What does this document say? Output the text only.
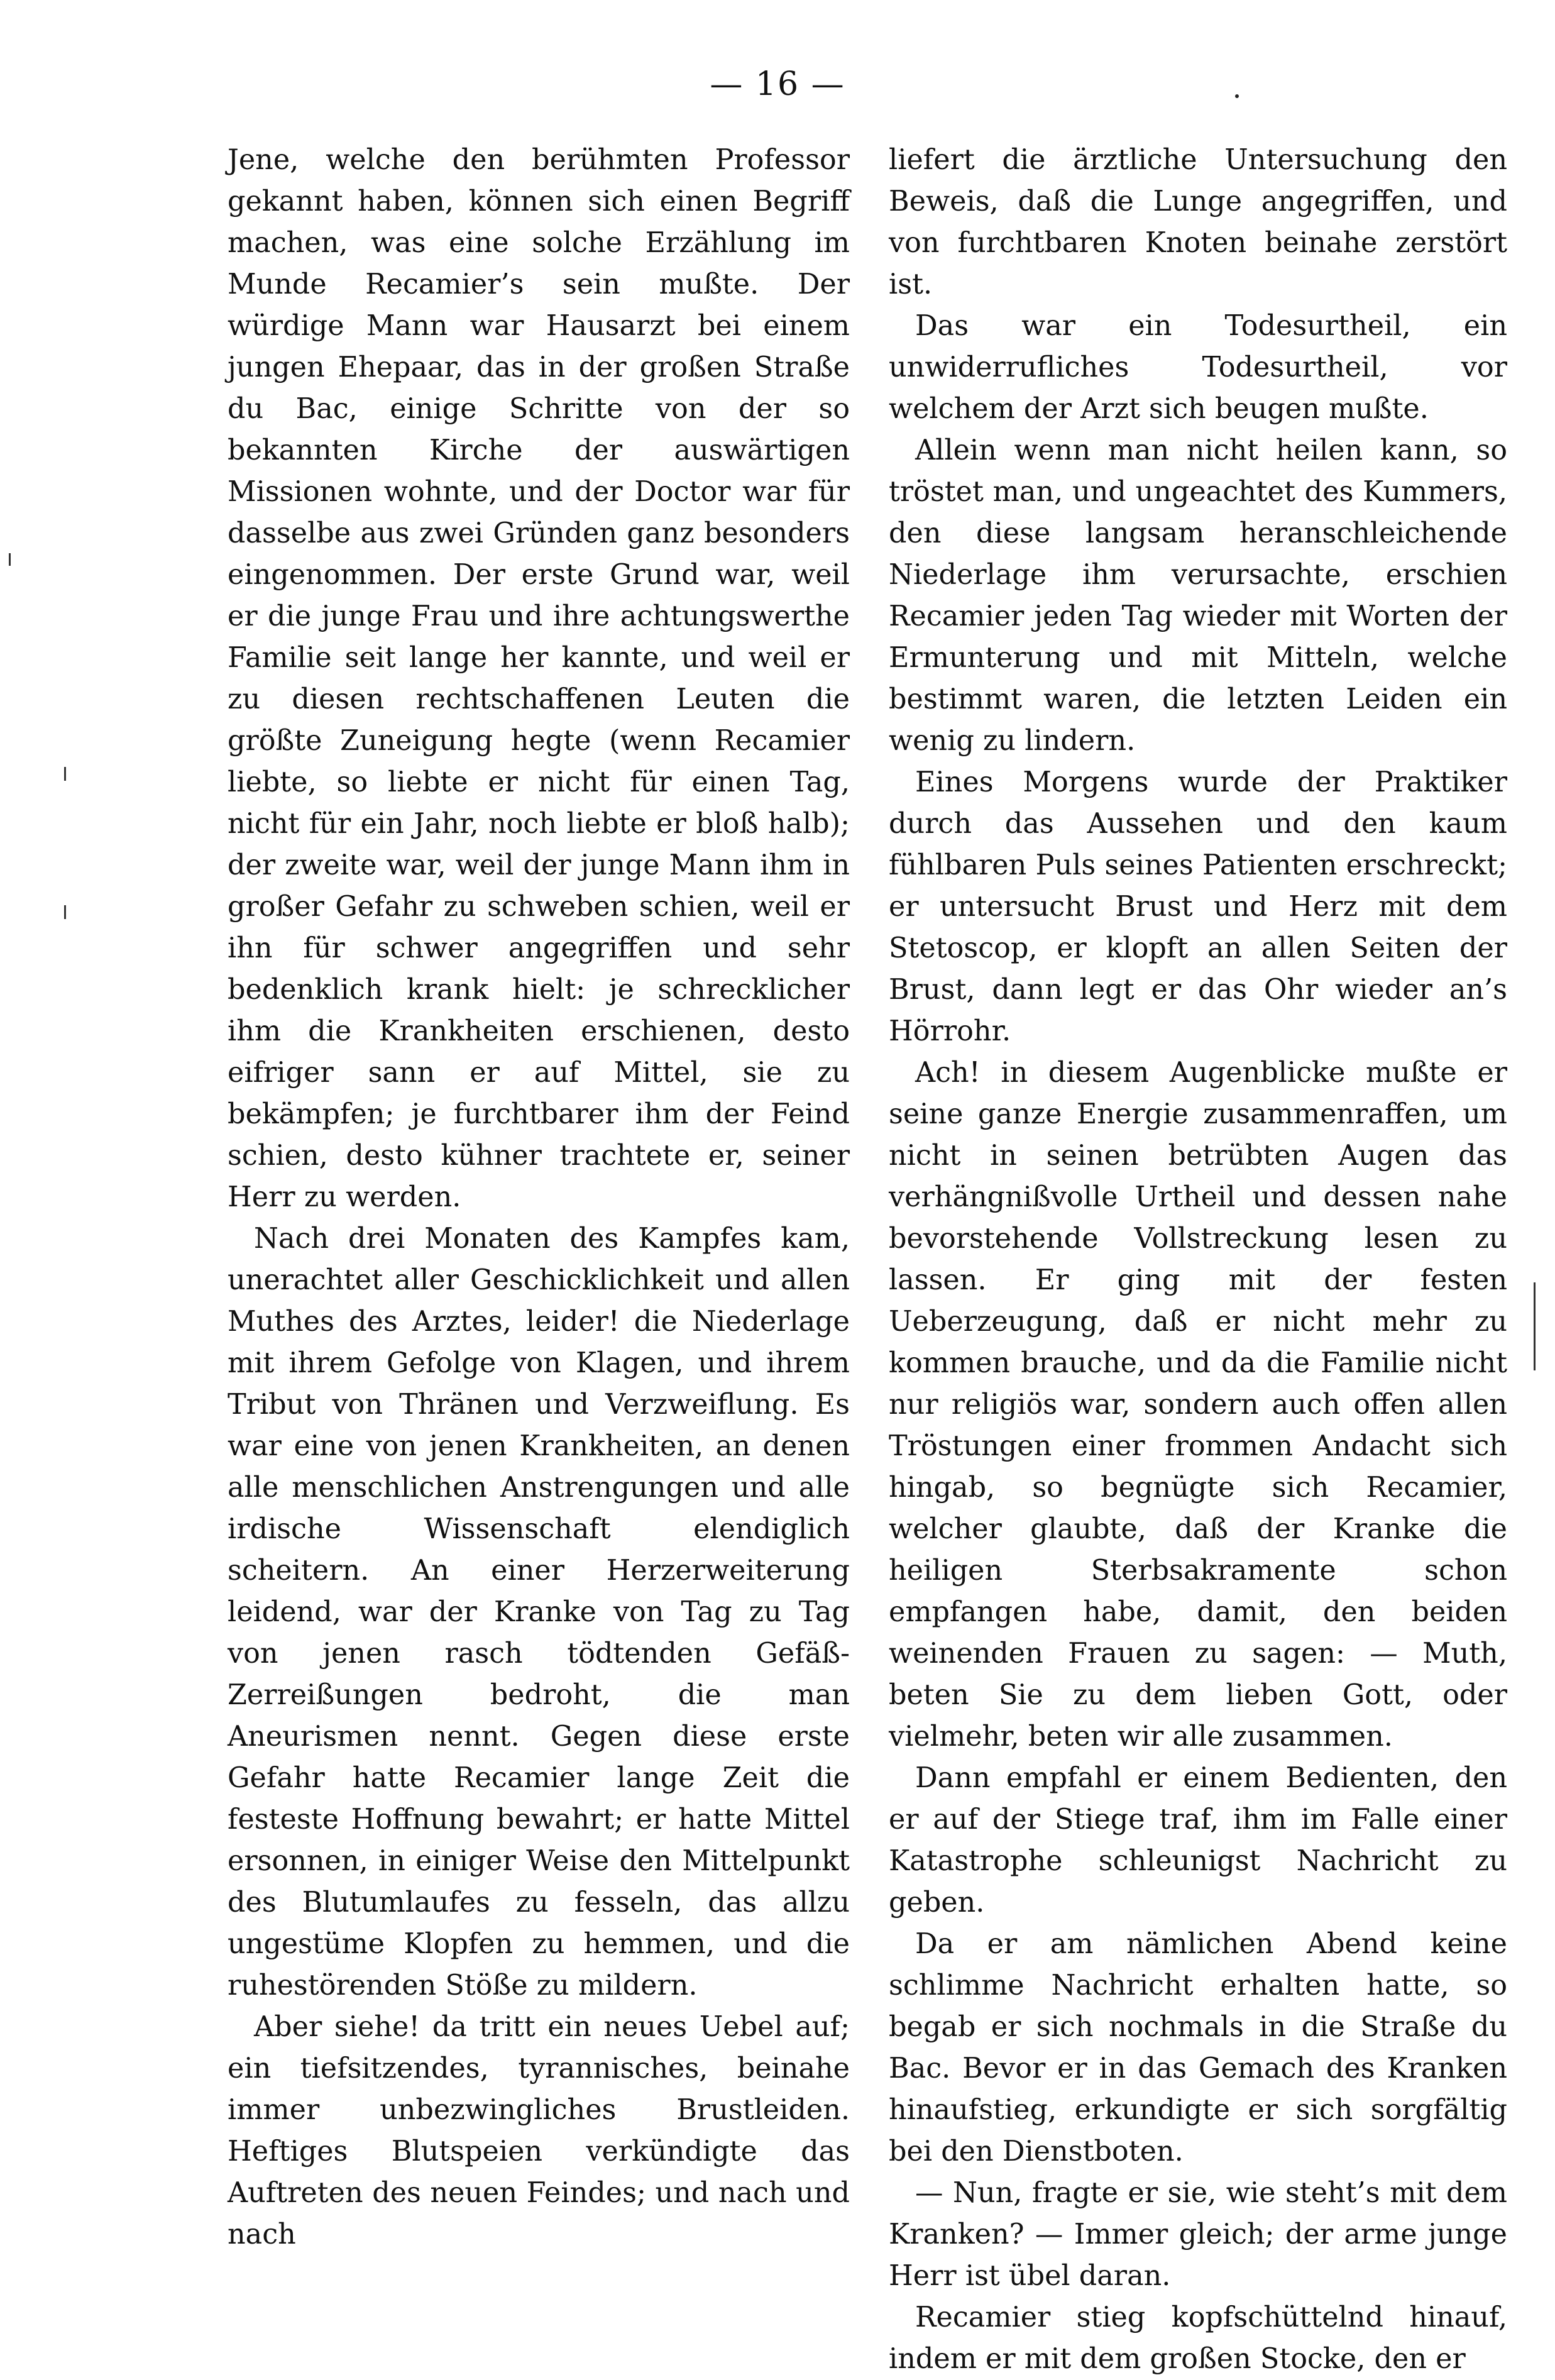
— 16 —

Jene, welche den berühmten Professor gekannt haben, können sich einen Begriff machen, was eine solche Erzählung im Munde Recamier’s sein mußte. Der würdige Mann war Hausarzt bei einem jungen Ehepaar, das in der großen Straße du Bac, einige Schritte von der so bekannten Kirche der auswärtigen Missionen wohnte, und der Doctor war für dasselbe aus zwei Gründen ganz besonders eingenommen. Der erste Grund war, weil er die junge Frau und ihre achtungswerthe Familie seit lange her kannte, und weil er zu diesen rechtschaffenen Leuten die größte Zuneigung hegte (wenn Recamier liebte, so liebte er nicht für einen Tag, nicht für ein Jahr, noch liebte er bloß halb); der zweite war, weil der junge Mann ihm in großer Gefahr zu schweben schien, weil er ihn für schwer angegriffen und sehr bedenklich krank hielt: je schrecklicher ihm die Krankheiten erschienen, desto eifriger sann er auf Mittel, sie zu bekämpfen; je furchtbarer ihm der Feind schien, desto kühner trachtete er, seiner Herr zu werden.

Nach drei Monaten des Kampfes kam, unerachtet aller Geschicklichkeit und allen Muthes des Arztes, leider! die Niederlage mit ihrem Gefolge von Klagen, und ihrem Tribut von Thränen und Verzweiflung. Es war eine von jenen Krankheiten, an denen alle menschlichen Anstrengungen und alle irdische Wissenschaft elendiglich scheitern. An einer Herzerweiterung leidend, war der Kranke von Tag zu Tag von jenen rasch tödtenden Gefäß-Zerreißungen bedroht, die man Aneurismen nennt. Gegen diese erste Gefahr hatte Recamier lange Zeit die festeste Hoffnung bewahrt; er hatte Mittel ersonnen, in einiger Weise den Mittelpunkt des Blutumlaufes zu fesseln, das allzu ungestüme Klopfen zu hemmen, und die ruhestörenden Stöße zu mildern.

Aber siehe! da tritt ein neues Uebel auf; ein tiefsitzendes, tyrannisches, beinahe immer unbezwingliches Brustleiden. Heftiges Blutspeien verkündigte das Auftreten des neuen Feindes; und nach und nach

liefert die ärztliche Untersuchung den Beweis, daß die Lunge angegriffen, und von furchtbaren Knoten beinahe zerstört ist.

Das war ein Todesurtheil, ein unwiderrufliches Todesurtheil, vor welchem der Arzt sich beugen mußte.

Allein wenn man nicht heilen kann, so tröstet man, und ungeachtet des Kummers, den diese langsam heranschleichende Niederlage ihm verursachte, erschien Recamier jeden Tag wieder mit Worten der Ermunterung und mit Mitteln, welche bestimmt waren, die letzten Leiden ein wenig zu lindern.

Eines Morgens wurde der Praktiker durch das Aussehen und den kaum fühlbaren Puls seines Patienten erschreckt; er untersucht Brust und Herz mit dem Stetoscop, er klopft an allen Seiten der Brust, dann legt er das Ohr wieder an’s Hörrohr.

Ach! in diesem Augenblicke mußte er seine ganze Energie zusammenraffen, um nicht in seinen betrübten Augen das verhängnißvolle Urtheil und dessen nahe bevorstehende Vollstreckung lesen zu lassen. Er ging mit der festen Ueberzeugung, daß er nicht mehr zu kommen brauche, und da die Familie nicht nur religiös war, sondern auch offen allen Tröstungen einer frommen Andacht sich hingab, so begnügte sich Recamier, welcher glaubte, daß der Kranke die heiligen Sterbsakramente schon empfangen habe, damit, den beiden weinenden Frauen zu sagen: — Muth, beten Sie zu dem lieben Gott, oder vielmehr, beten wir alle zusammen.

Dann empfahl er einem Bedienten, den er auf der Stiege traf, ihm im Falle einer Katastrophe schleunigst Nachricht zu geben.

Da er am nämlichen Abend keine schlimme Nachricht erhalten hatte, so begab er sich nochmals in die Straße du Bac. Bevor er in das Gemach des Kranken hinaufstieg, erkundigte er sich sorgfältig bei den Dienstboten.

— Nun, fragte er sie, wie steht’s mit dem Kranken? — Immer gleich; der arme junge Herr ist übel daran.

Recamier stieg kopfschüttelnd hinauf, indem er mit dem großen Stocke, den er
